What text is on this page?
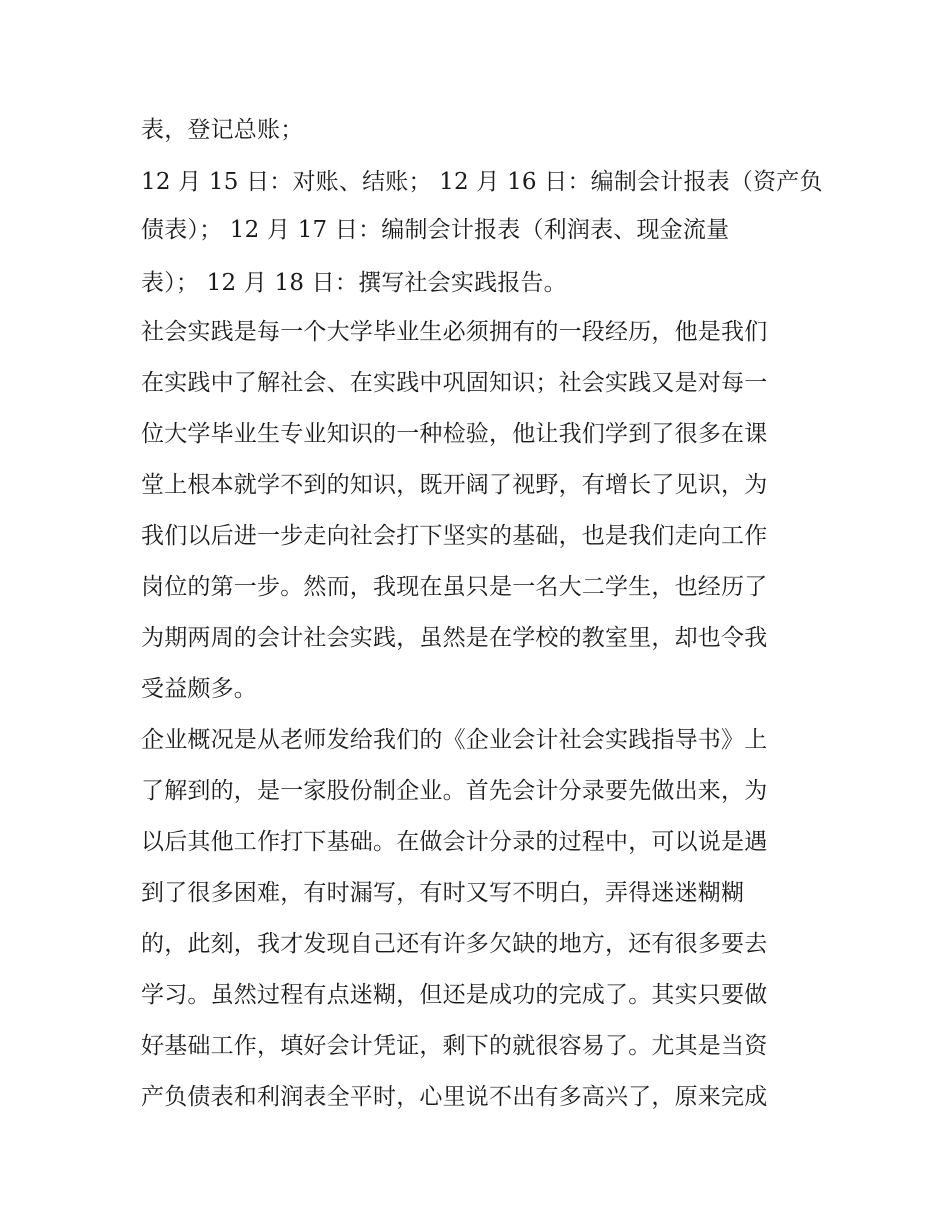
表，登记总账；
12 月 15 日：对账、结账； 12 月 16 日：编制会计报表（资产负
债表）； 12 月 17 日：编制会计报表（利润表、现金流量
表）； 12 月 18 日：撰写社会实践报告。
社会实践是每一个大学毕业生必须拥有的一段经历，他是我们
在实践中了解社会、在实践中巩固知识；社会实践又是对每一
位大学毕业生专业知识的一种检验，他让我们学到了很多在课
堂上根本就学不到的知识，既开阔了视野，有增长了见识，为
我们以后进一步走向社会打下坚实的基础，也是我们走向工作
岗位的第一步。然而，我现在虽只是一名大二学生，也经历了
为期两周的会计社会实践，虽然是在学校的教室里，却也令我
受益颇多。
企业概况是从老师发给我们的《企业会计社会实践指导书》上
了解到的，是一家股份制企业。首先会计分录要先做出来，为
以后其他工作打下基础。在做会计分录的过程中，可以说是遇
到了很多困难，有时漏写，有时又写不明白，弄得迷迷糊糊
的，此刻，我才发现自己还有许多欠缺的地方，还有很多要去
学习。虽然过程有点迷糊，但还是成功的完成了。其实只要做
好基础工作，填好会计凭证，剩下的就很容易了。尤其是当资
产负债表和利润表全平时，心里说不出有多高兴了，原来完成
